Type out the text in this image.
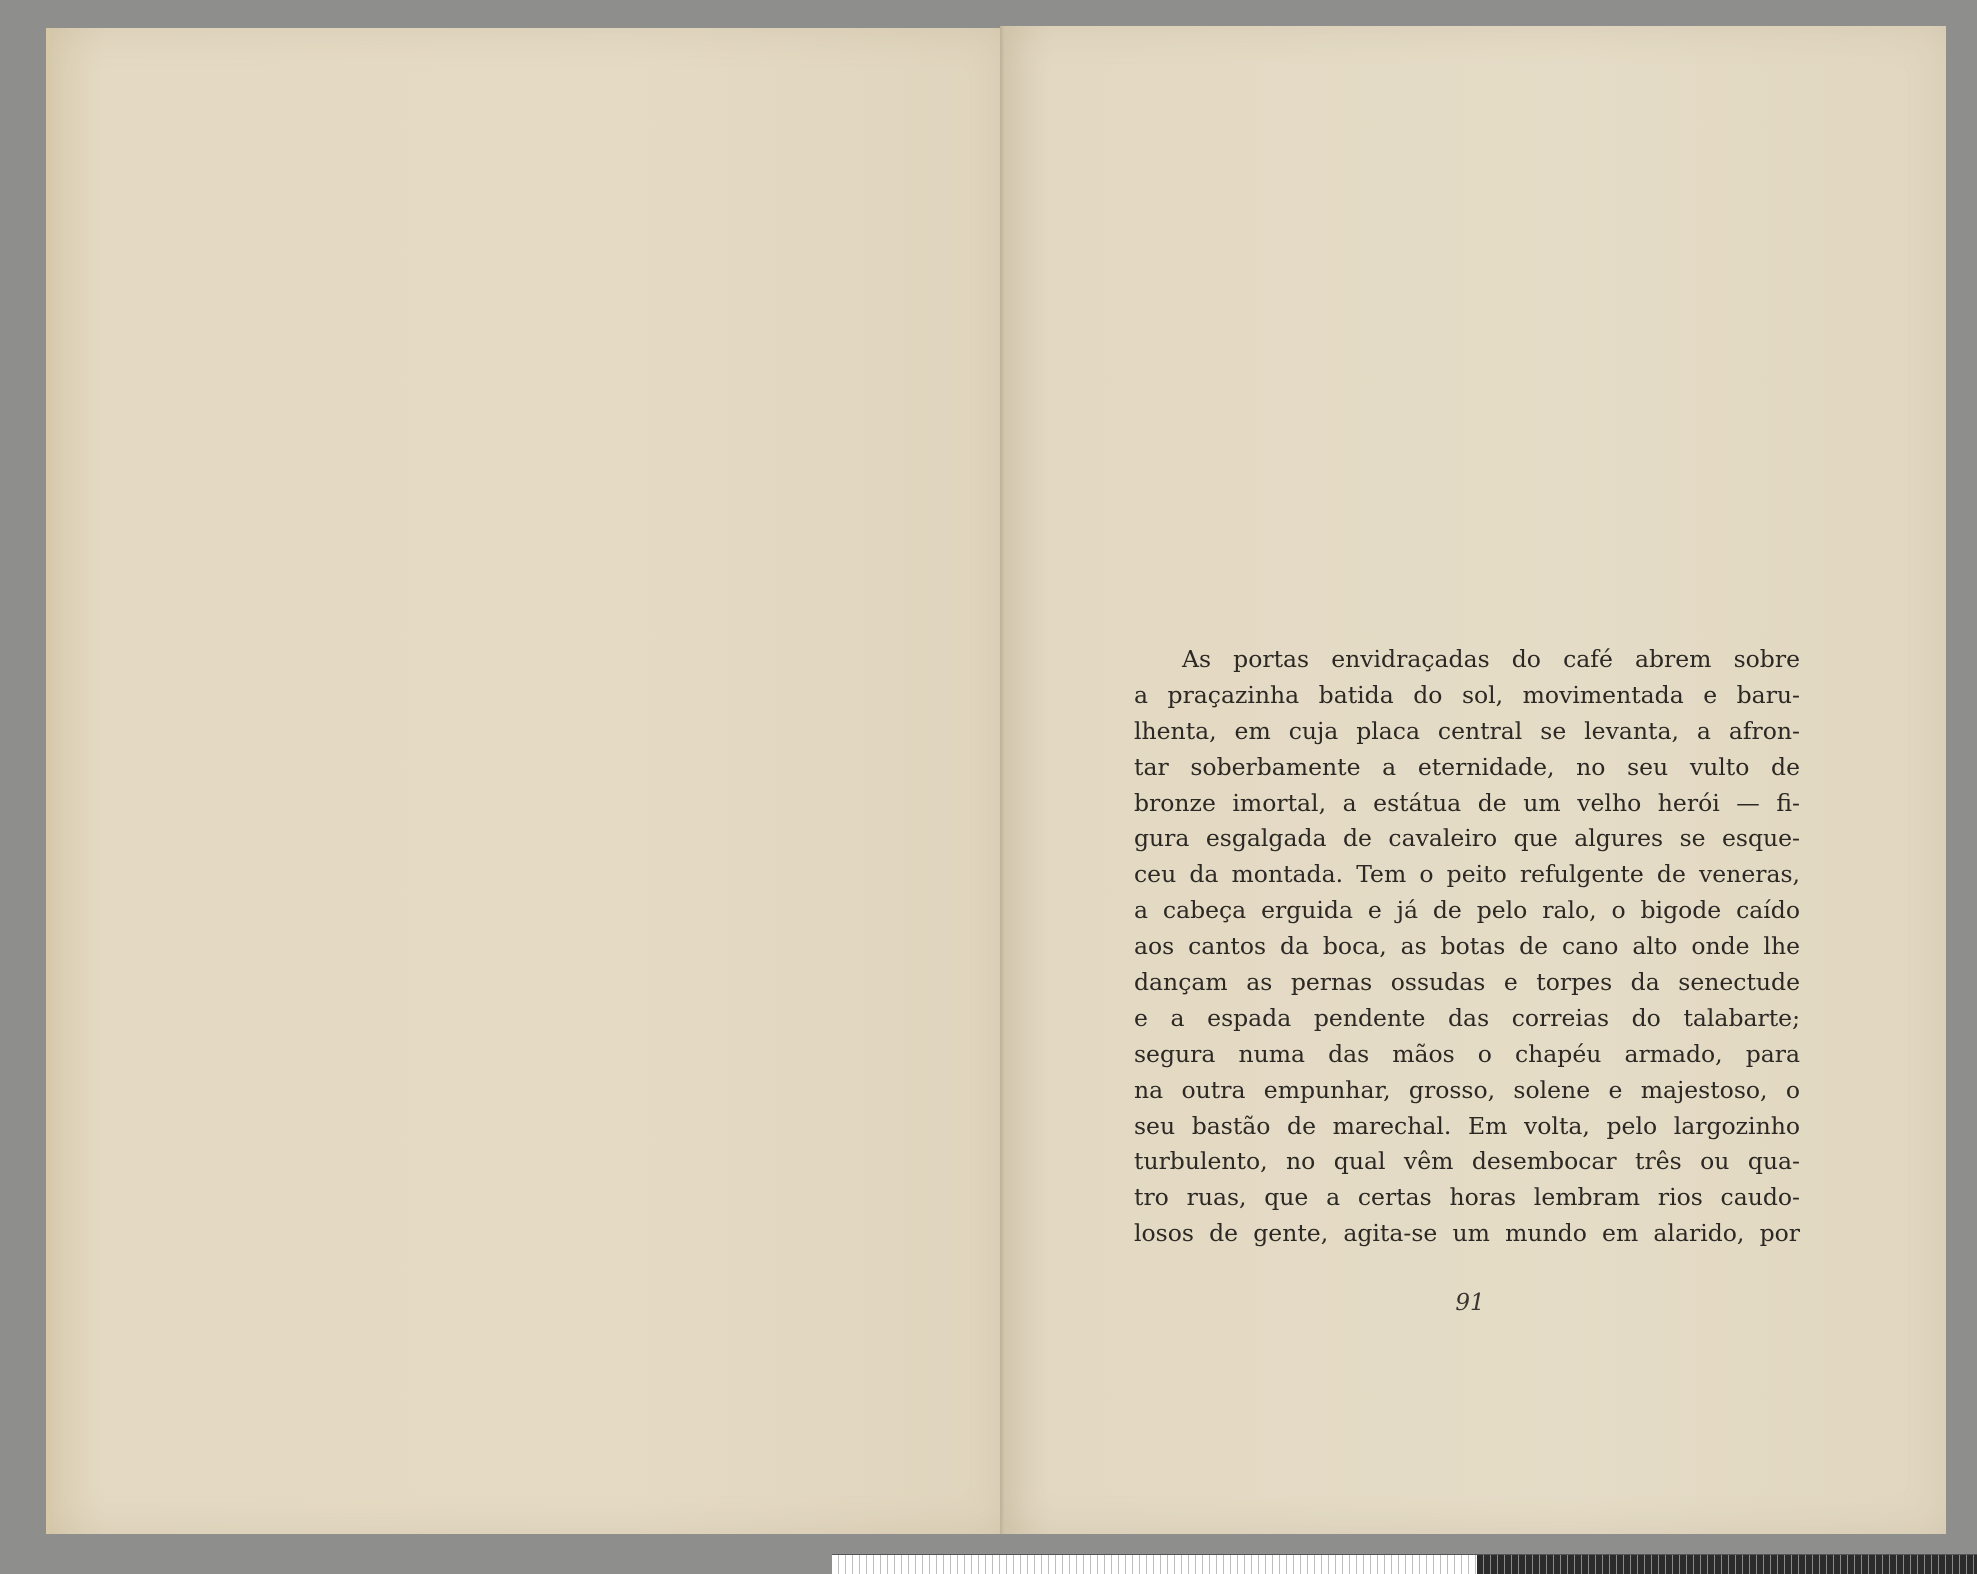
As portas envidraçadas do café abrem sobre
a praçazinha batida do sol, movimentada e baru-
lhenta, em cuja placa central se levanta, a afron-
tar soberbamente a eternidade, no seu vulto de
bronze imortal, a estátua de um velho herói — fi-
gura esgalgada de cavaleiro que algures se esque-
ceu da montada. Tem o peito refulgente de veneras,
a cabeça erguida e já de pelo ralo, o bigode caído
aos cantos da boca, as botas de cano alto onde lhe
dançam as pernas ossudas e torpes da senectude
e a espada pendente das correias do talabarte;
segura numa das mãos o chapéu armado, para
na outra empunhar, grosso, solene e majestoso, o
seu bastão de marechal. Em volta, pelo largozinho
turbulento, no qual vêm desembocar três ou qua-
tro ruas, que a certas horas lembram rios caudo-
losos de gente, agita-se um mundo em alarido, por
91
